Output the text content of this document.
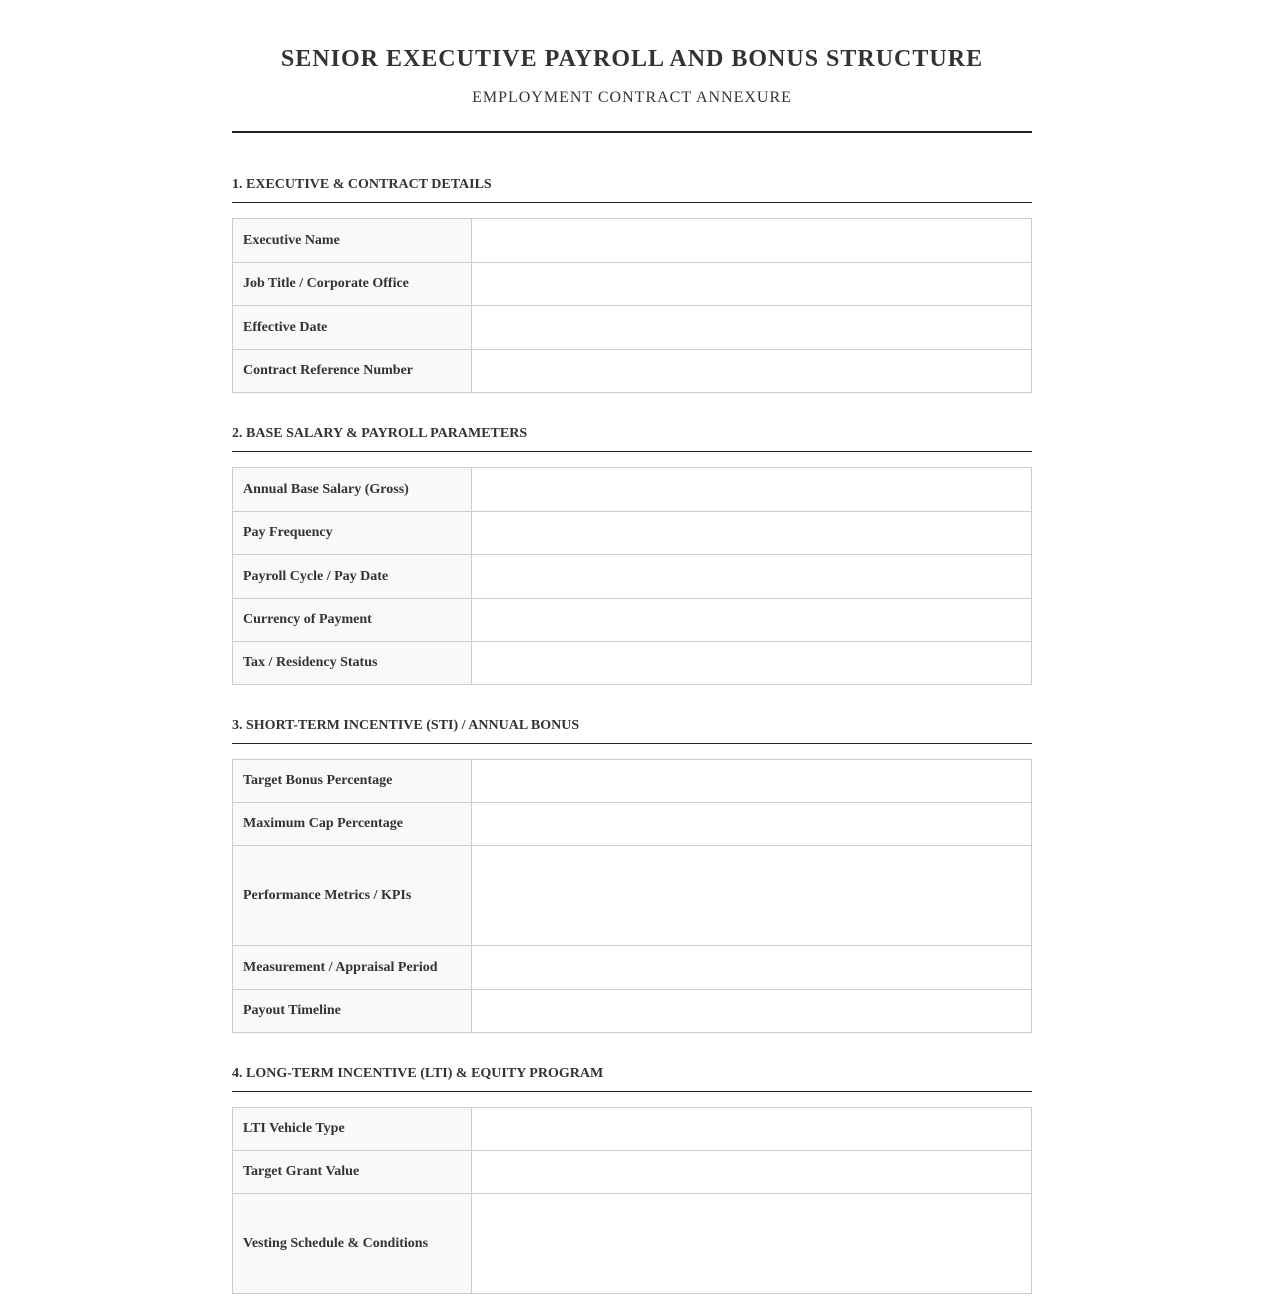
SENIOR EXECUTIVE PAYROLL AND BONUS STRUCTURE
EMPLOYMENT CONTRACT ANNEXURE
1. EXECUTIVE & CONTRACT DETAILS
Executive Name	
Job Title / Corporate Office	
Effective Date	
Contract Reference Number	
2. BASE SALARY & PAYROLL PARAMETERS
Annual Base Salary (Gross)	
Pay Frequency	
Payroll Cycle / Pay Date	
Currency of Payment	
Tax / Residency Status	
3. SHORT-TERM INCENTIVE (STI) / ANNUAL BONUS
Target Bonus Percentage	
Maximum Cap Percentage	
Performance Metrics / KPIs	
Measurement / Appraisal Period	
Payout Timeline	
4. LONG-TERM INCENTIVE (LTI) & EQUITY PROGRAM
LTI Vehicle Type	
Target Grant Value	
Vesting Schedule & Conditions	
